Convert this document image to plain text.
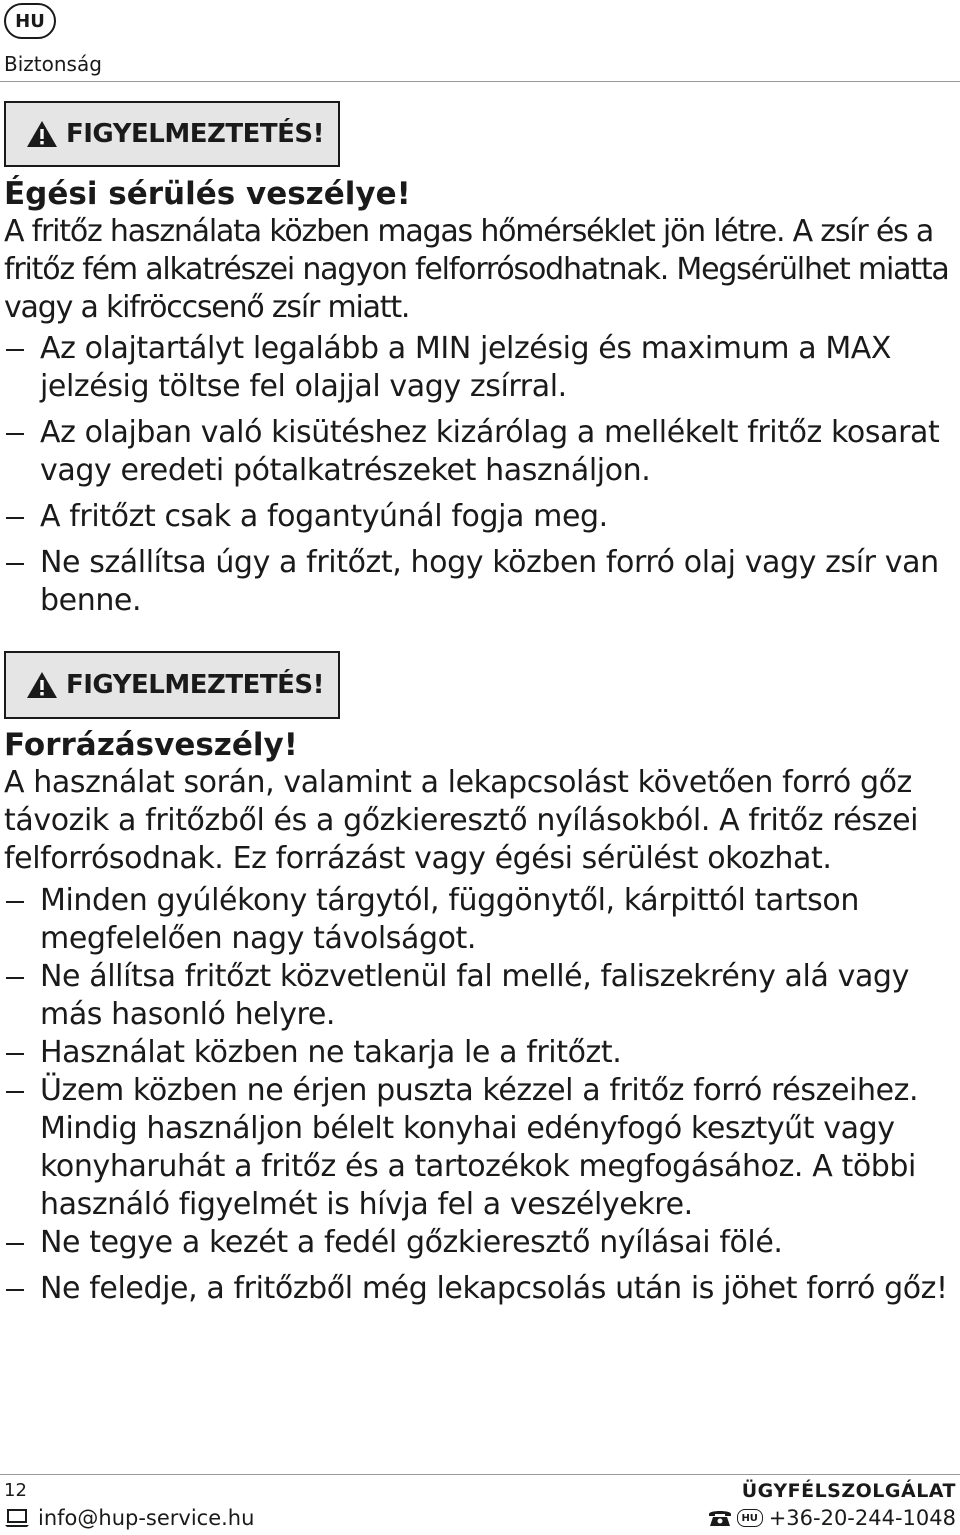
HU
Biztonság
FIGYELMEZTETÉS!
Égési sérülés veszélye!
A fritőz használata közben magas hőmérséklet jön létre. A zsír és a fritőz fém alkatrészei nagyon felforrósodhatnak. Megsérülhet miatta vagy a kifröccsenő zsír miatt.
Az olajtartályt legalább a MIN jelzésig és maximum a MAX jelzésig töltse fel olajjal vagy zsírral.
Az olajban való kisütéshez kizárólag a mellékelt fritőz kosarat vagy eredeti pótalkatrészeket használjon.
A fritőzt csak a fogantyúnál fogja meg.
Ne szállítsa úgy a fritőzt, hogy közben forró olaj vagy zsír van benne.
FIGYELMEZTETÉS!
Forrázásveszély!
A használat során, valamint a lekapcsolást követően forró gőz távozik a fritőzből és a gőzkieresztő nyílásokból. A fritőz részei felforrósodnak. Ez forrázást vagy égési sérülést okozhat.
Minden gyúlékony tárgytól, függönytől, kárpittól tartson megfelelően nagy távolságot.
Ne állítsa fritőzt közvetlenül fal mellé, faliszekrény alá vagy más hasonló helyre.
Használat közben ne takarja le a fritőzt.
Üzem közben ne érjen puszta kézzel a fritőz forró részeihez. Mindig használjon bélelt konyhai edényfogó kesztyűt vagy konyharuhát a fritőz és a tartozékok megfogásához. A többi használó figyelmét is hívja fel a veszélyekre.
Ne tegye a kezét a fedél gőzkieresztő nyílásai fölé.
Ne feledje, a fritőzből még lekapcsolás után is jöhet forró gőz!
12	ÜGYFÉLSZOLGÁLAT
info@hup-service.hu	HU +36-20-244-1048
